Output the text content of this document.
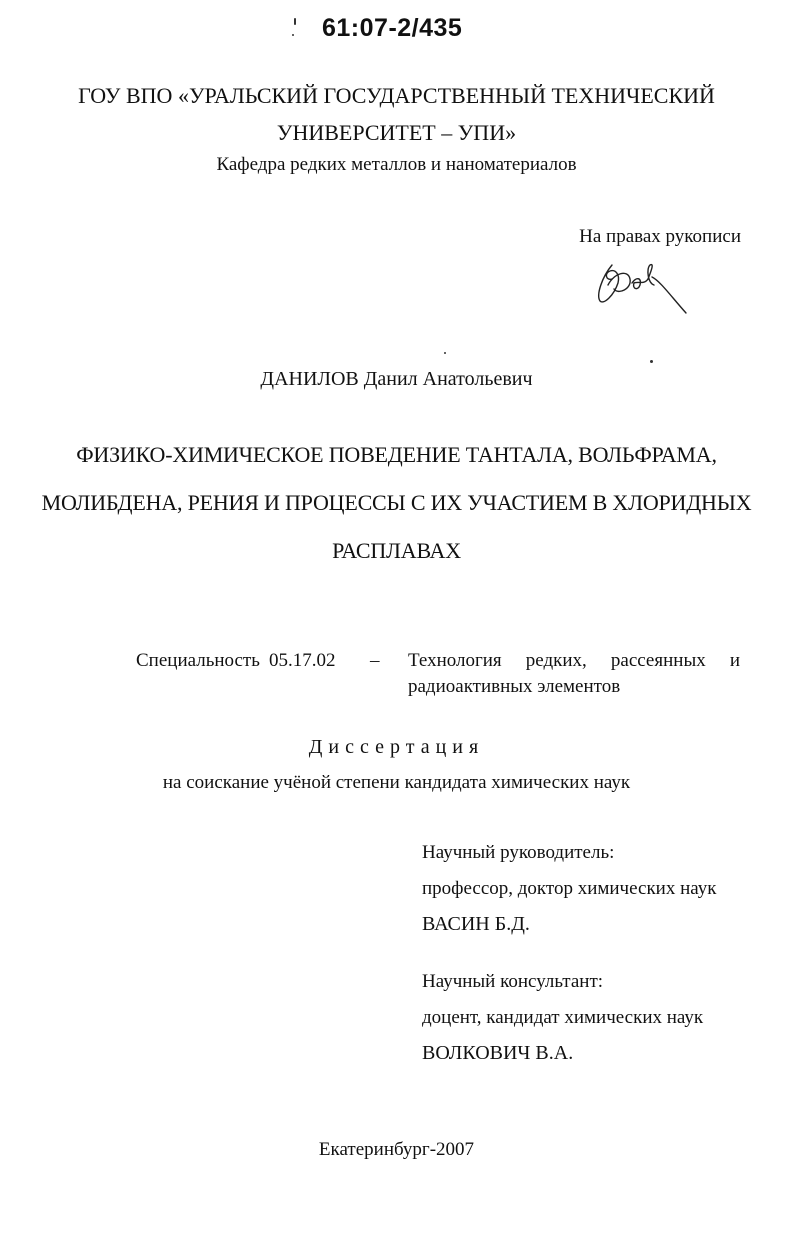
61:07-2/435
ГОУ ВПО «УРАЛЬСКИЙ ГОСУДАРСТВЕННЫЙ ТЕХНИЧЕСКИЙ
УНИВЕРСИТЕТ – УПИ»
Кафедра редких металлов и наноматериалов
На правах рукописи
ДАНИЛОВ Данил Анатольевич
ФИЗИКО-ХИМИЧЕСКОЕ ПОВЕДЕНИЕ ТАНТАЛА, ВОЛЬФРАМА,
МОЛИБДЕНА, РЕНИЯ И ПРОЦЕССЫ С ИХ УЧАСТИЕМ В ХЛОРИДНЫХ
РАСПЛАВАХ
Специальность 05.17.02 – Технология редких, рассеянных и
радиоактивных элементов
Диссертация
на соискание учёной степени кандидата химических наук
Научный руководитель:
профессор, доктор химических наук
ВАСИН Б.Д.
Научный консультант:
доцент, кандидат химических наук
ВОЛКОВИЧ В.А.
Екатеринбург-2007
